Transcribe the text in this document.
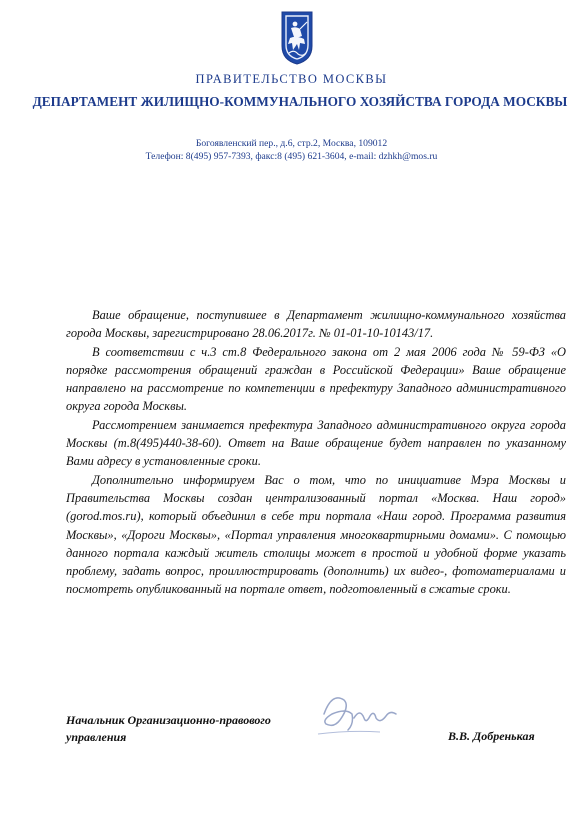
ПРАВИТЕЛЬСТВО МОСКВЫ
ДЕПАРТАМЕНТ ЖИЛИЩНО-КОММУНАЛЬНОГО ХОЗЯЙСТВА ГОРОДА МОСКВЫ
Богоявленский пер., д.6, стр.2, Москва, 109012
Телефон: 8(495) 957-7393, факс:8 (495) 621-3604, e-mail: dzhkh@mos.ru

Ваше обращение, поступившее в Департамент жилищно-коммунального хозяйства города Москвы, зарегистрировано 28.06.2017г. № 01-01-10-10143/17.

В соответствии с ч.3 ст.8 Федерального закона от 2 мая 2006 года № 59-ФЗ «О порядке рассмотрения обращений граждан в Российской Федерации» Ваше обращение направлено на рассмотрение по компетенции в префектуру Западного административного округа города Москвы.

Рассмотрением занимается префектура Западного административного округа города Москвы (т.8(495)440-38-60). Ответ на Ваше обращение будет направлен по указанному Вами адресу в установленные сроки.

Дополнительно информируем Вас о том, что по инициативе Мэра Москвы и Правительства Москвы создан централизованный портал «Москва. Наш город» (gorod.mos.ru), который объединил в себе три портала «Наш город. Программа развития Москвы», «Дороги Москвы», «Портал управления многоквартирными домами». С помощью данного портала каждый житель столицы может в простой и удобной форме указать проблему, задать вопрос, проиллюстрировать (дополнить) их видео-, фотоматериалами и посмотреть опубликованный на портале ответ, подготовленный в сжатые сроки.

Начальник Организационно-правового
управления	В.В. Добренькая
